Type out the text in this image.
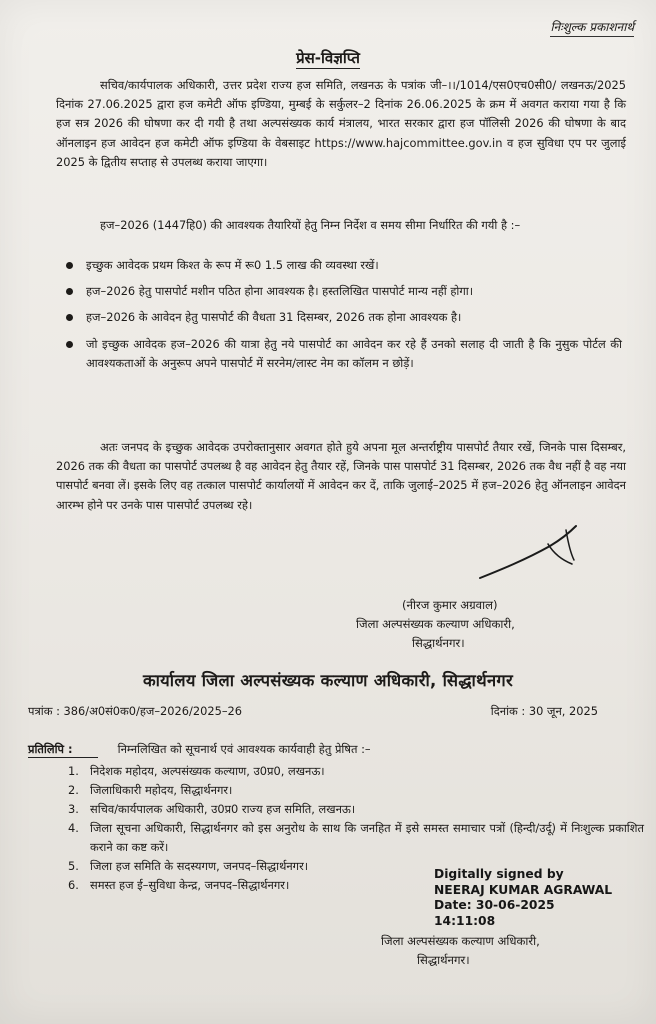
निःशुल्क प्रकाशनार्थ
प्रेस-विज्ञप्ति

सचिव/कार्यपालक अधिकारी, उत्तर प्रदेश राज्य हज समिति, लखनऊ के पत्रांक जी–।।/1014/एस0एच0सी0/ लखनऊ/2025 दिनांक 27.06.2025 द्वारा हज कमेटी ऑफ इण्डिया, मुम्बई के सर्कुलर–2 दिनांक 26.06.2025 के क्रम में अवगत कराया गया है कि हज सत्र 2026 की घोषणा कर दी गयी है तथा अल्पसंख्यक कार्य मंत्रालय, भारत सरकार द्वारा हज पॉलिसी 2026 की घोषणा के बाद ऑनलाइन हज आवेदन हज कमेटी ऑफ इण्डिया के वेबसाइट https://www.hajcommittee.gov.in व हज सुविधा एप पर जुलाई 2025 के द्वितीय सप्ताह से उपलब्ध कराया जाएगा।

हज–2026 (1447हि0) की आवश्यक तैयारियों हेतु निम्न निर्देश व समय सीमा निर्धारित की गयी है :–

इच्छुक आवेदक प्रथम किश्त के रूप में रू0 1.5 लाख की व्यवस्था रखें।
हज–2026 हेतु पासपोर्ट मशीन पठित होना आवश्यक है। हस्तलिखित पासपोर्ट मान्य नहीं होगा।
हज–2026 के आवेदन हेतु पासपोर्ट की वैधता 31 दिसम्बर, 2026 तक होना आवश्यक है।
जो इच्छुक आवेदक हज–2026 की यात्रा हेतु नये पासपोर्ट का आवेदन कर रहे हैं उनको सलाह दी जाती है कि नुसुक पोर्टल की आवश्यकताओं के अनुरूप अपने पासपोर्ट में सरनेम/लास्ट नेम का कॉलम न छोड़ें।

अतः जनपद के इच्छुक आवेदक उपरोक्तानुसार अवगत होते हुये अपना मूल अन्तर्राष्ट्रीय पासपोर्ट तैयार रखें, जिनके पास दिसम्बर, 2026 तक की वैधता का पासपोर्ट उपलब्ध है वह आवेदन हेतु तैयार रहें, जिनके पास पासपोर्ट 31 दिसम्बर, 2026 तक वैध नहीं है वह नया पासपोर्ट बनवा लें। इसके लिए वह तत्काल पासपोर्ट कार्यालयों में आवेदन कर दें, ताकि जुलाई–2025 में हज–2026 हेतु ऑनलाइन आवेदन आरम्भ होने पर उनके पास पासपोर्ट उपलब्ध रहे।

(नीरज कुमार अग्रवाल)
जिला अल्पसंख्यक कल्याण अधिकारी,
सिद्धार्थनगर।
कार्यालय जिला अल्पसंख्यक कल्याण अधिकारी, सिद्धार्थनगर
पत्रांक : 386/अ0सं0क0/हज–2026/2025–26	दिनांक : 30 जून, 2025
प्रतिलिपि :	निम्नलिखित को सूचनार्थ एवं आवश्यक कार्यवाही हेतु प्रेषित :–
1. निदेशक महोदय, अल्पसंख्यक कल्याण, उ0प्र0, लखनऊ।
2. जिलाधिकारी महोदय, सिद्धार्थनगर।
3. सचिव/कार्यपालक अधिकारी, उ0प्र0 राज्य हज समिति, लखनऊ।
4. जिला सूचना अधिकारी, सिद्धार्थनगर को इस अनुरोध के साथ कि जनहित में इसे समस्त समाचार पत्रों (हिन्दी/उर्दू) में निःशुल्क प्रकाशित कराने का कष्ट करें।
5. जिला हज समिति के सदस्यगण, जनपद–सिद्धार्थनगर।
6. समस्त हज ई–सुविधा केन्द्र, जनपद–सिद्धार्थनगर।
Digitally signed by
NEERAJ KUMAR AGRAWAL
Date: 30-06-2025
14:11:08
जिला अल्पसंख्यक कल्याण अधिकारी,
सिद्धार्थनगर।
